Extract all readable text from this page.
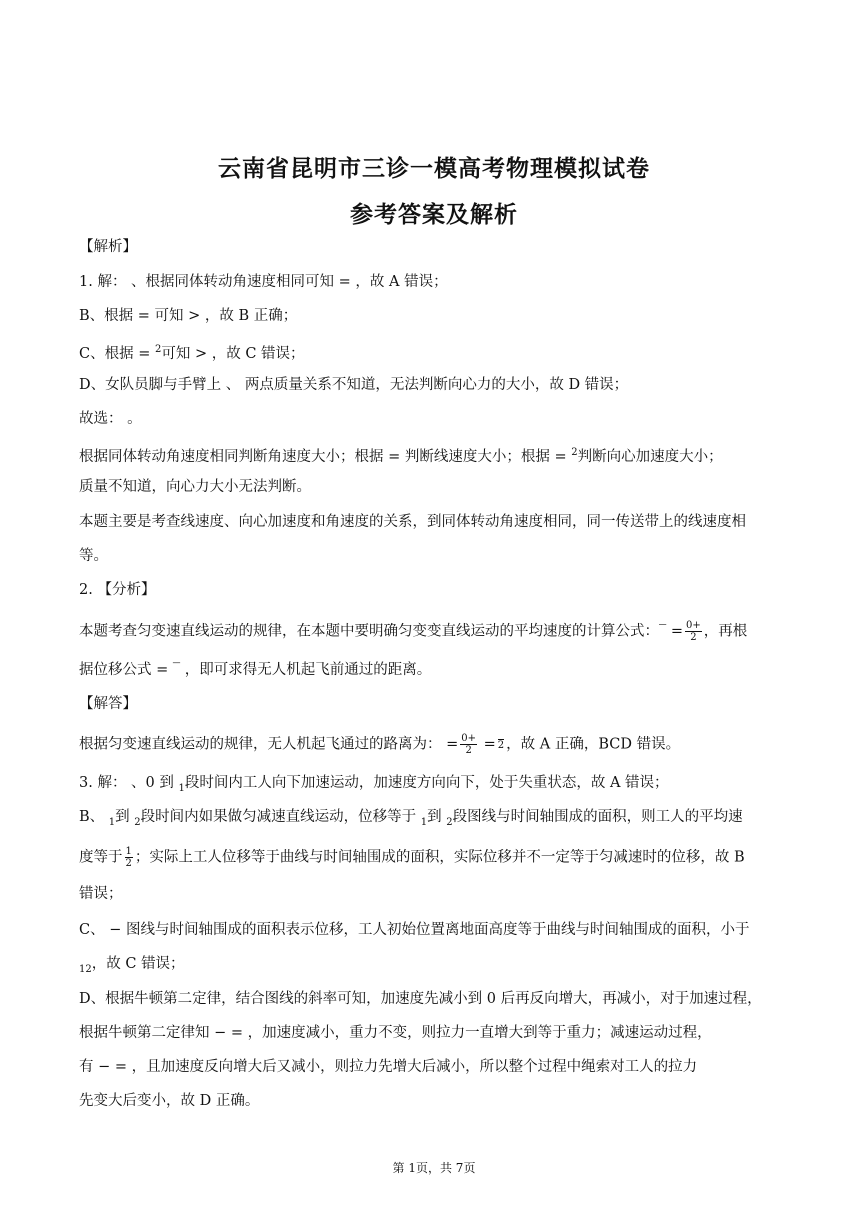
云南省昆明市三诊一模高考物理模拟试卷
参考答案及解析
【解析】
1. 解： 、根据同体转动角速度相同可知 = ，故 A 错误；
B、根据 = 可知 > ，故 B 正确；
C、根据 = $^2$可知 > ，故 C 错误；
D、女队员脚与手臂上 、 两点质量关系不知道，无法判断向心力的大小，故 D 错误；
故选： 。
根据同体转动角速度相同判断角速度大小；根据 = 判断线速度大小；根据 = $^2$判断向心加速度大小；
质量不知道，向心力大小无法判断。
本题主要是考查线速度、向心加速度和角速度的关系，到同体转动角速度相同，同一传送带上的线速度相
等。
2. 【分析】
本题考查匀变速直线运动的规律，在本题中要明确匀变变直线运动的平均速度的计算公式：‾ = $\frac{0+}{2}$ ，再根
据位移公式 = ‾ ，即可求得无人机起飞前通过的距离。
【解答】
根据匀变速直线运动的规律，无人机起飞通过的路离为： = $\frac{0+}{2} = 2$ ，故 A 正确，BCD 错误。
3. 解： 、0 到 $_1$段时间内工人向下加速运动，加速度方向向下，处于失重状态，故 A 错误；
B、 $_1$到 $_2$段时间内如果做匀减速直线运动，位移等于 $_1$到 $_2$段图线与时间轴围成的面积，则工人的平均速
度等于 $\frac{1}{2}$ ；实际上工人位移等于曲线与时间轴围成的面积，实际位移并不一定等于匀减速时的位移，故 B
错误；
C、 − 图线与时间轴围成的面积表示位移，工人初始位置离地面高度等于曲线与时间轴围成的面积，小于
$_{12}$，故 C 错误；
D、根据牛顿第二定律，结合图线的斜率可知，加速度先减小到 0 后再反向增大，再减小，对于加速过程，
根据牛顿第二定律知 − = ，加速度减小，重力不变，则拉力一直增大到等于重力；减速运动过程，
有 − = ，且加速度反向增大后又减小，则拉力先增大后减小，所以整个过程中绳索对工人的拉力
先变大后变小，故 D 正确。
第 1页，共 7页
